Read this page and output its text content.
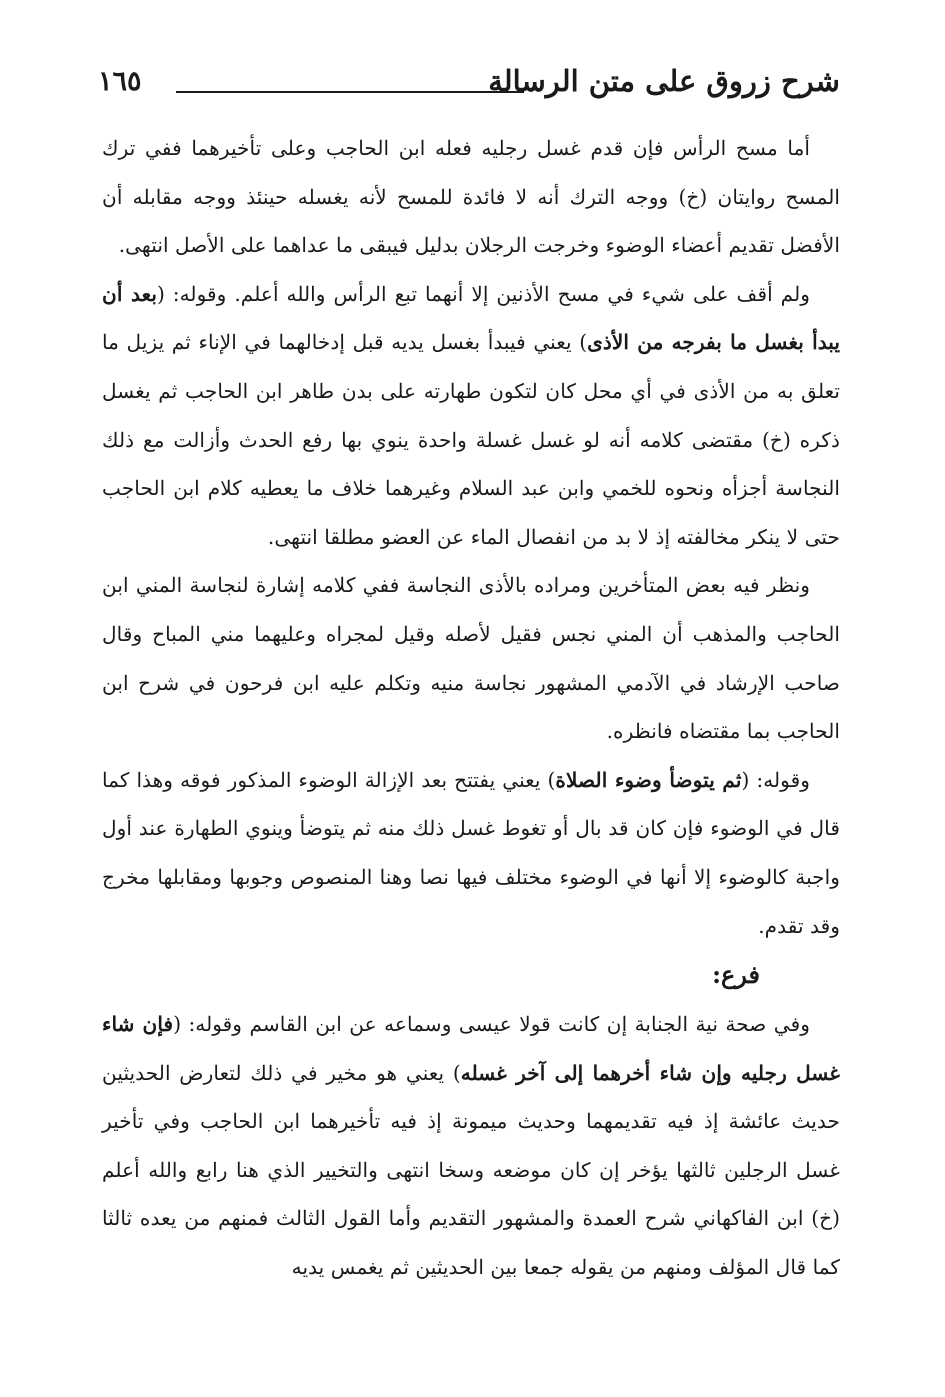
شرح زروق على متن الرسالة
١٦٥

أما مسح الرأس فإن قدم غسل رجليه فعله ابن الحاجب وعلى تأخيرهما ففي ترك المسح روايتان (خ) ووجه الترك أنه لا فائدة للمسح لأنه يغسله حينئذ ووجه مقابله أن الأفضل تقديم أعضاء الوضوء وخرجت الرجلان بدليل فيبقى ما عداهما على الأصل انتهى.

ولم أقف على شيء في مسح الأذنين إلا أنهما تبع الرأس والله أعلم. وقوله: (بعد أن يبدأ بغسل ما بفرجه من الأذى) يعني فيبدأ بغسل يديه قبل إدخالهما في الإناء ثم يزيل ما تعلق به من الأذى في أي محل كان لتكون طهارته على بدن طاهر ابن الحاجب ثم يغسل ذكره (خ) مقتضى كلامه أنه لو غسل غسلة واحدة ينوي بها رفع الحدث وأزالت مع ذلك النجاسة أجزأه ونحوه للخمي وابن عبد السلام وغيرهما خلاف ما يعطيه كلام ابن الحاجب حتى لا ينكر مخالفته إذ لا بد من انفصال الماء عن العضو مطلقا انتهى.

ونظر فيه بعض المتأخرين ومراده بالأذى النجاسة ففي كلامه إشارة لنجاسة المني ابن الحاجب والمذهب أن المني نجس فقيل لأصله وقيل لمجراه وعليهما مني المباح وقال صاحب الإرشاد في الآدمي المشهور نجاسة منيه وتكلم عليه ابن فرحون في شرح ابن الحاجب بما مقتضاه فانظره.

وقوله: (ثم يتوضأ وضوء الصلاة) يعني يفتتح بعد الإزالة الوضوء المذكور فوقه وهذا كما قال في الوضوء فإن كان قد بال أو تغوط غسل ذلك منه ثم يتوضأ وينوي الطهارة عند أول واجبة كالوضوء إلا أنها في الوضوء مختلف فيها نصا وهنا المنصوص وجوبها ومقابلها مخرج وقد تقدم.

فرع:

وفي صحة نية الجنابة إن كانت قولا عيسى وسماعه عن ابن القاسم وقوله: (فإن شاء غسل رجليه وإن شاء أخرهما إلى آخر غسله) يعني هو مخير في ذلك لتعارض الحديثين حديث عائشة إذ فيه تقديمهما وحديث ميمونة إذ فيه تأخيرهما ابن الحاجب وفي تأخير غسل الرجلين ثالثها يؤخر إن كان موضعه وسخا انتهى والتخيير الذي هنا رابع والله أعلم (خ) ابن الفاكهاني شرح العمدة والمشهور التقديم وأما القول الثالث فمنهم من يعده ثالثا كما قال المؤلف ومنهم من يقوله جمعا بين الحديثين ثم يغمس يديه
